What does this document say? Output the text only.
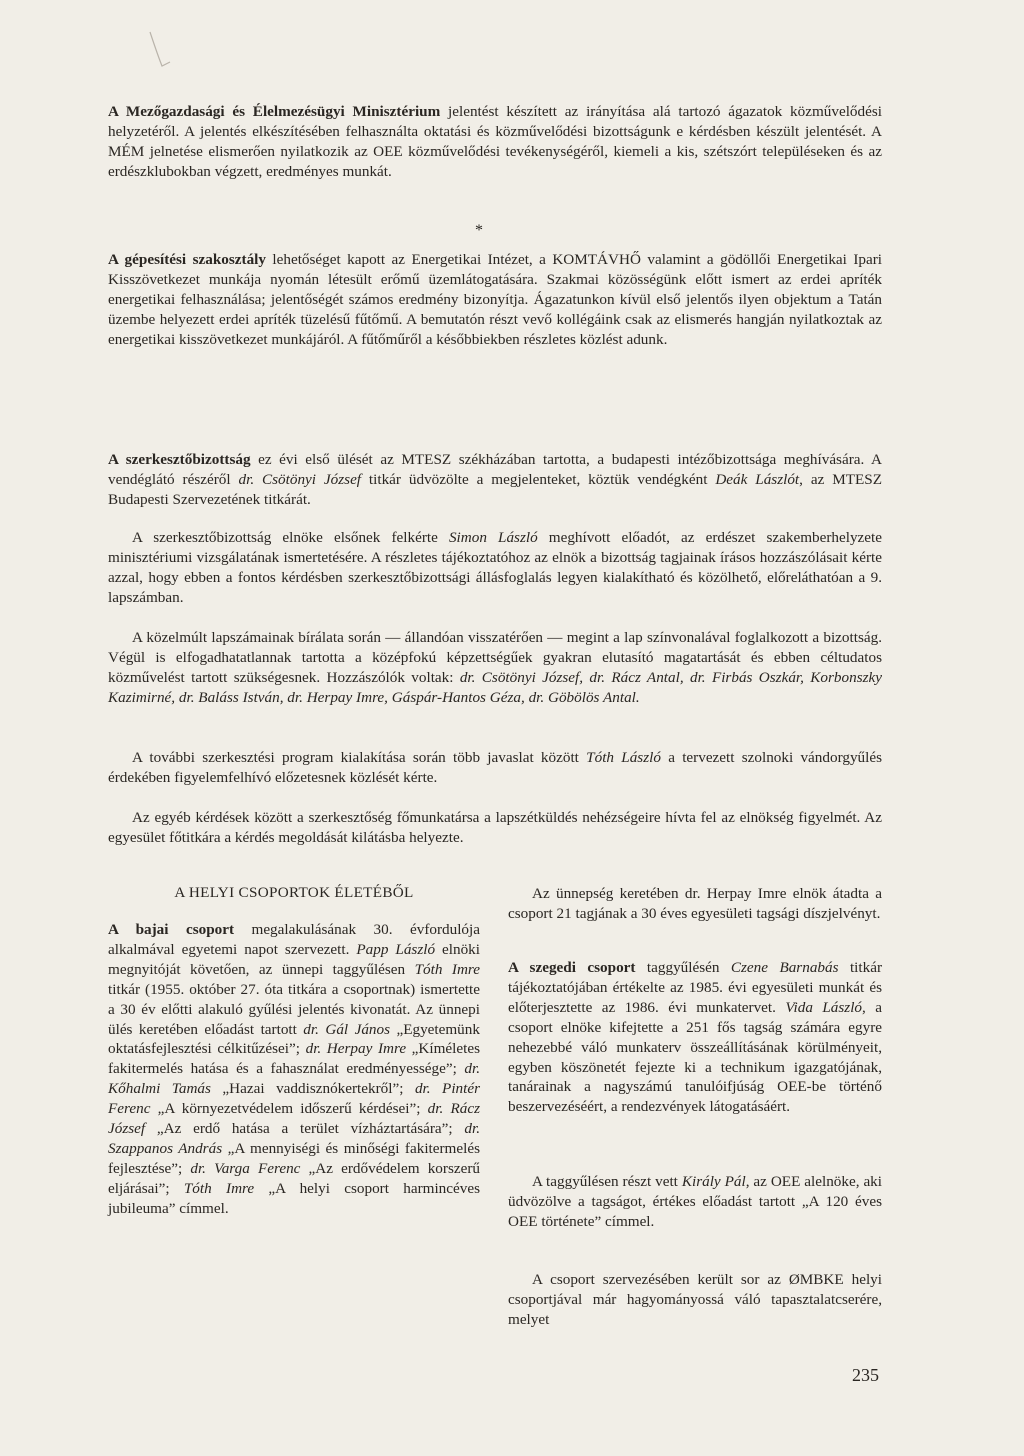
A Mezőgazdasági és Élelmezésügyi Minisztérium jelentést készített az irányítása alá tartozó ágazatok közművelődési helyzetéről. A jelentés elkészítésében felhasználta oktatási és közművelődési bizottságunk e kérdésben készült jelentését. A MÉM jelnetése elismerően nyilatkozik az OEE közművelődési tevékenységéről, kiemeli a kis, szétszórt településeken és az erdészklubokban végzett, eredményes munkát.

*

A gépesítési szakosztály lehetőséget kapott az Energetikai Intézet, a KOMTÁVHŐ valamint a gödöllői Energetikai Ipari Kisszövetkezet munkája nyomán létesült erőmű üzemlátogatására. Szakmai közösségünk előtt ismert az erdei apríték energetikai felhasználása; jelentőségét számos eredmény bizonyítja. Ágazatunkon kívül első jelentős ilyen objektum a Tatán üzembe helyezett erdei apríték tüzelésű fűtőmű. A bemutatón részt vevő kollégáink csak az elismerés hangján nyilatkoztak az energetikai kisszövetkezet munkájáról. A fűtőműről a későbbiekben részletes közlést adunk.

A szerkesztőbizottság ez évi első ülését az MTESZ székházában tartotta, a budapesti intézőbizottsága meghívására. A vendéglátó részéről dr. Csötönyi József titkár üdvözölte a megjelenteket, köztük vendégként Deák Lászlót, az MTESZ Budapesti Szervezetének titkárát.

A szerkesztőbizottság elnöke elsőnek felkérte Simon László meghívott előadót, az erdészet szakemberhelyzete minisztériumi vizsgálatának ismertetésére. A részletes tájékoztatóhoz az elnök a bizottság tagjainak írásos hozzászólásait kérte azzal, hogy ebben a fontos kérdésben szerkesztőbizottsági állásfoglalás legyen kialakítható és közölhető, előreláthatóan a 9. lapszámban.

A közelmúlt lapszámainak bírálata során — állandóan visszatérően — megint a lap színvonalával foglalkozott a bizottság. Végül is elfogadhatatlannak tartotta a középfokú képzettségűek gyakran elutasító magatartását és ebben céltudatos közművelést tartott szükségesnek. Hozzászólók voltak: dr. Csötönyi József, dr. Rácz Antal, dr. Firbás Oszkár, Korbonszky Kazimirné, dr. Baláss István, dr. Herpay Imre, Gáspár-Hantos Géza, dr. Göbölös Antal.

A további szerkesztési program kialakítása során több javaslat között Tóth László a tervezett szolnoki vándorgyűlés érdekében figyelemfelhívó előzetesnek közlését kérte.

Az egyéb kérdések között a szerkesztőség főmunkatársa a lapszétküldés nehézségeire hívta fel az elnökség figyelmét. Az egyesület főtitkára a kérdés megoldását kilátásba helyezte.

A HELYI CSOPORTOK ÉLETÉBŐL

A bajai csoport megalakulásának 30. évfordulója alkalmával egyetemi napot szervezett. Papp László elnöki megnyitóját követően, az ünnepi taggyűlésen Tóth Imre titkár (1955. október 27. óta titkára a csoportnak) ismertette a 30 év előtti alakuló gyűlési jelentés kivonatát. Az ünnepi ülés keretében előadást tartott dr. Gál János „Egyetemünk oktatásfejlesztési célkitűzései”; dr. Herpay Imre „Kíméletes fakitermelés hatása és a fahasználat eredményessége”; dr. Kőhalmi Tamás „Hazai vaddisznókertekről”; dr. Pintér Ferenc „A környezetvédelem időszerű kérdései”; dr. Rácz József „Az erdő hatása a terület vízháztartására”; dr. Szappanos András „A mennyiségi és minőségi fakitermelés fejlesztése”; dr. Varga Ferenc „Az erdővédelem korszerű eljárásai”; Tóth Imre „A helyi csoport harmincéves jubileuma” címmel.

Az ünnepség keretében dr. Herpay Imre elnök átadta a csoport 21 tagjának a 30 éves egyesületi tagsági díszjelvényt.

A szegedi csoport taggyűlésén Czene Barnabás titkár tájékoztatójában értékelte az 1985. évi egyesületi munkát és előterjesztette az 1986. évi munkatervet. Vida László, a csoport elnöke kifejtette a 251 fős tagság számára egyre nehezebbé váló munkaterv összeállításának körülményeit, egyben köszönetét fejezte ki a technikum igazgatójának, tanárainak a nagyszámú tanulóifjúság OEE-be történő beszervezéséért, a rendezvények látogatásáért.

A taggyűlésen részt vett Király Pál, az OEE alelnöke, aki üdvözölve a tagságot, értékes előadást tartott „A 120 éves OEE története” címmel.

A csoport szervezésében került sor az ØMBKE helyi csoportjával már hagyományossá váló tapasztalatcserére, melyet

235
